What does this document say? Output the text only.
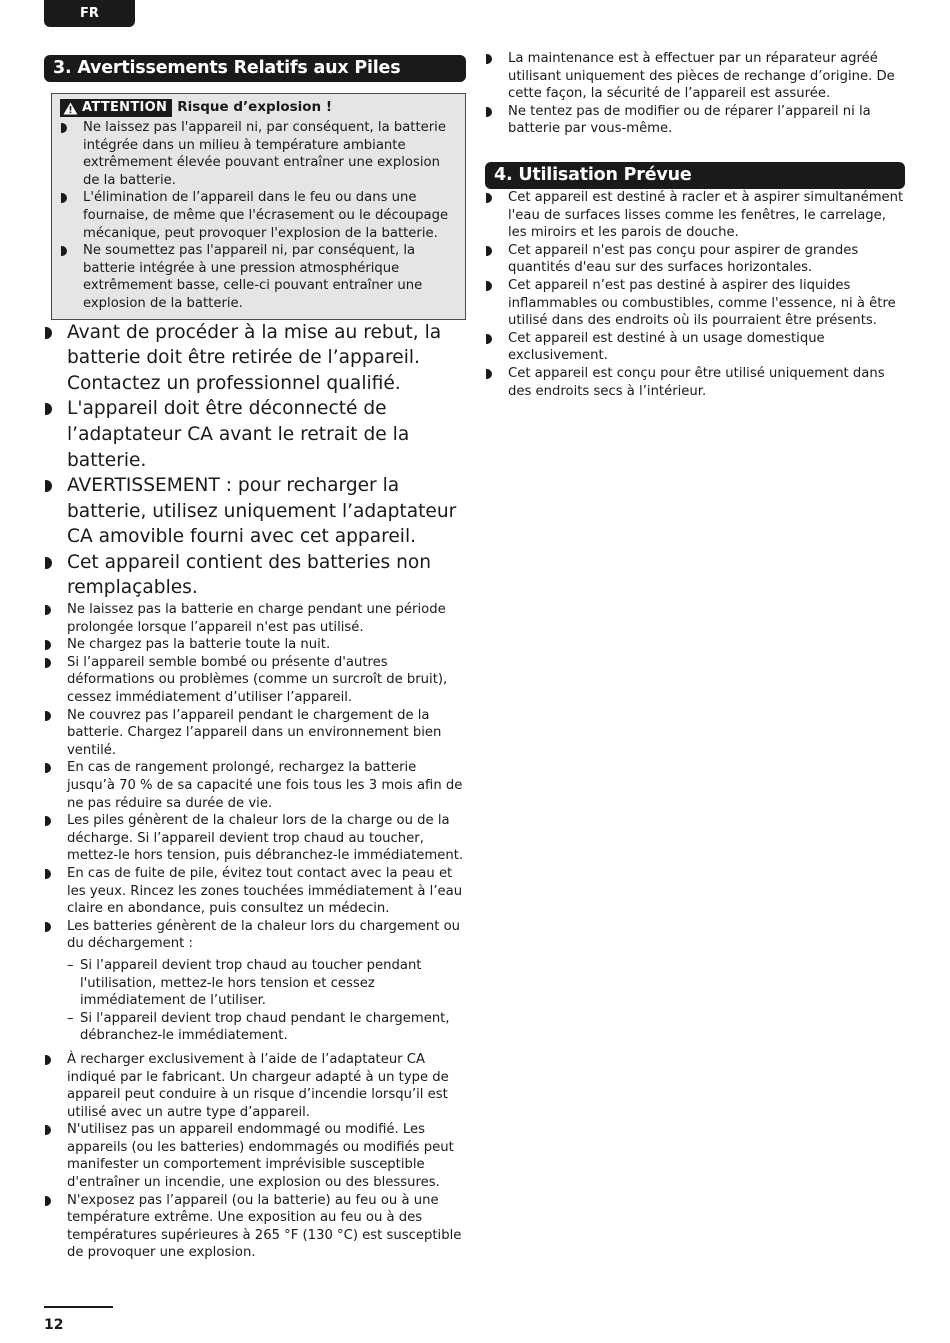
FR
3. Avertissements Relatifs aux Piles
ATTENTION Risque d’explosion !
Ne laissez pas l'appareil ni, par conséquent, la batterie intégrée dans un milieu à température ambiante extrêmement élevée pouvant entraîner une explosion de la batterie.
L'élimination de l’appareil dans le feu ou dans une fournaise, de même que l'écrasement ou le découpage mécanique, peut provoquer l'explosion de la batterie.
Ne soumettez pas l'appareil ni, par conséquent, la batterie intégrée à une pression atmosphérique extrêmement basse, celle-ci pouvant entraîner une explosion de la batterie.
Avant de procéder à la mise au rebut, la batterie doit être retirée de l’appareil. Contactez un professionnel qualifié.
L'appareil doit être déconnecté de l’adaptateur CA avant le retrait de la batterie.
AVERTISSEMENT : pour recharger la batterie, utilisez uniquement l’adaptateur CA amovible fourni avec cet appareil.
Cet appareil contient des batteries non remplaçables.
Ne laissez pas la batterie en charge pendant une période prolongée lorsque l’appareil n'est pas utilisé.
Ne chargez pas la batterie toute la nuit.
Si l’appareil semble bombé ou présente d'autres déformations ou problèmes (comme un surcroît de bruit), cessez immédiatement d’utiliser l’appareil.
Ne couvrez pas l’appareil pendant le chargement de la batterie. Chargez l’appareil dans un environnement bien ventilé.
En cas de rangement prolongé, rechargez la batterie jusqu’à 70 % de sa capacité une fois tous les 3 mois afin de ne pas réduire sa durée de vie.
Les piles génèrent de la chaleur lors de la charge ou de la décharge. Si l’appareil devient trop chaud au toucher, mettez-le hors tension, puis débranchez-le immédiatement.
En cas de fuite de pile, évitez tout contact avec la peau et les yeux. Rincez les zones touchées immédiatement à l’eau claire en abondance, puis consultez un médecin.
Les batteries génèrent de la chaleur lors du chargement ou du déchargement :
– Si l’appareil devient trop chaud au toucher pendant l'utilisation, mettez-le hors tension et cessez immédiatement de l’utiliser.
– Si l'appareil devient trop chaud pendant le chargement, débranchez-le immédiatement.
À recharger exclusivement à l’aide de l’adaptateur CA indiqué par le fabricant. Un chargeur adapté à un type de appareil peut conduire à un risque d’incendie lorsqu’il est utilisé avec un autre type d’appareil.
N'utilisez pas un appareil endommagé ou modifié. Les appareils (ou les batteries) endommagés ou modifiés peut manifester un comportement imprévisible susceptible d'entraîner un incendie, une explosion ou des blessures.
N'exposez pas l’appareil (ou la batterie) au feu ou à une température extrême. Une exposition au feu ou à des températures supérieures à 265 °F (130 °C) est susceptible de provoquer une explosion.
La maintenance est à effectuer par un réparateur agréé utilisant uniquement des pièces de rechange d’origine. De cette façon, la sécurité de l’appareil est assurée.
Ne tentez pas de modifier ou de réparer l’appareil ni la batterie par vous-même.
4. Utilisation Prévue
Cet appareil est destiné à racler et à aspirer simultanément l'eau de surfaces lisses comme les fenêtres, le carrelage, les miroirs et les parois de douche.
Cet appareil n'est pas conçu pour aspirer de grandes quantités d'eau sur des surfaces horizontales.
Cet appareil n’est pas destiné à aspirer des liquides inflammables ou combustibles, comme l'essence, ni à être utilisé dans des endroits où ils pourraient être présents.
Cet appareil est destiné à un usage domestique exclusivement.
Cet appareil est conçu pour être utilisé uniquement dans des endroits secs à l’intérieur.
12
